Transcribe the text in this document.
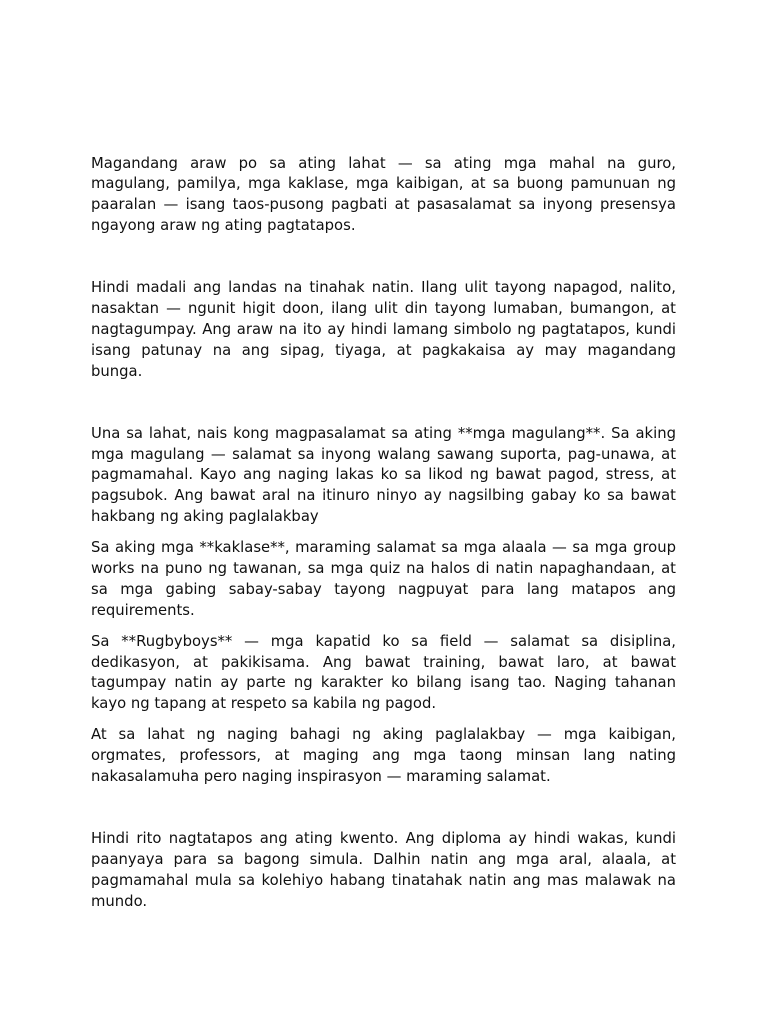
Magandang araw po sa ating lahat — sa ating mga mahal na guro,
magulang, pamilya, mga kaklase, mga kaibigan, at sa buong pamunuan ng
paaralan — isang taos-pusong pagbati at pasasalamat sa inyong presensya
ngayong araw ng ating pagtatapos.

Hindi madali ang landas na tinahak natin. Ilang ulit tayong napagod, nalito,
nasaktan — ngunit higit doon, ilang ulit din tayong lumaban, bumangon, at
nagtagumpay. Ang araw na ito ay hindi lamang simbolo ng pagtatapos, kundi
isang patunay na ang sipag, tiyaga, at pagkakaisa ay may magandang
bunga.

Una sa lahat, nais kong magpasalamat sa ating **mga magulang**. Sa aking
mga magulang — salamat sa inyong walang sawang suporta, pag-unawa, at
pagmamahal. Kayo ang naging lakas ko sa likod ng bawat pagod, stress, at
pagsubok. Ang bawat aral na itinuro ninyo ay nagsilbing gabay ko sa bawat
hakbang ng aking paglalakbay

Sa aking mga **kaklase**, maraming salamat sa mga alaala — sa mga group
works na puno ng tawanan, sa mga quiz na halos di natin napaghandaan, at
sa mga gabing sabay-sabay tayong nagpuyat para lang matapos ang
requirements.

Sa **Rugbyboys** — mga kapatid ko sa field — salamat sa disiplina,
dedikasyon, at pakikisama. Ang bawat training, bawat laro, at bawat
tagumpay natin ay parte ng karakter ko bilang isang tao. Naging tahanan
kayo ng tapang at respeto sa kabila ng pagod.

At sa lahat ng naging bahagi ng aking paglalakbay — mga kaibigan,
orgmates, professors, at maging ang mga taong minsan lang nating
nakasalamuha pero naging inspirasyon — maraming salamat.

Hindi rito nagtatapos ang ating kwento. Ang diploma ay hindi wakas, kundi
paanyaya para sa bagong simula. Dalhin natin ang mga aral, alaala, at
pagmamahal mula sa kolehiyo habang tinatahak natin ang mas malawak na
mundo.
